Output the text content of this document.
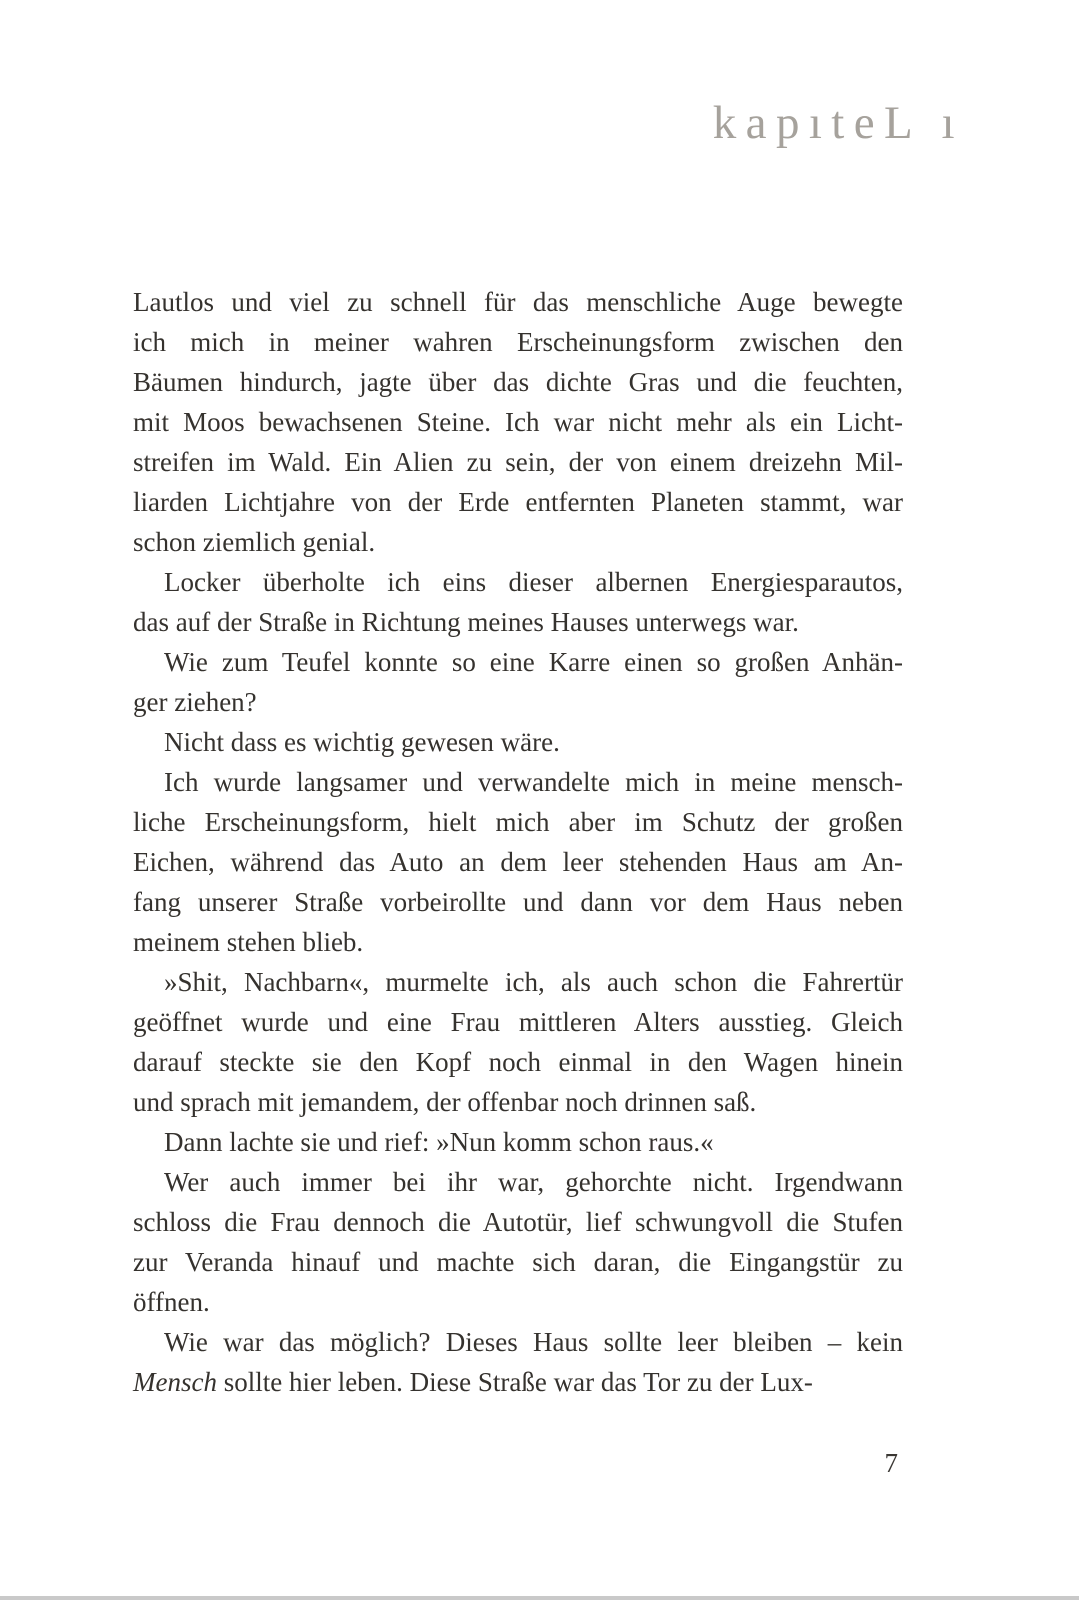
kapıteL ı
Lautlos und viel zu schnell für das menschliche Auge bewegte
ich mich in meiner wahren Erscheinungsform zwischen den
Bäumen hindurch, jagte über das dichte Gras und die feuchten,
mit Moos bewachsenen Steine. Ich war nicht mehr als ein Licht-
streifen im Wald. Ein Alien zu sein, der von einem dreizehn Mil-
liarden Lichtjahre von der Erde entfernten Planeten stammt, war
schon ziemlich genial.
Locker überholte ich eins dieser albernen Energiesparautos,
das auf der Straße in Richtung meines Hauses unterwegs war.
Wie zum Teufel konnte so eine Karre einen so großen Anhän-
ger ziehen?
Nicht dass es wichtig gewesen wäre.
Ich wurde langsamer und verwandelte mich in meine mensch-
liche Erscheinungsform, hielt mich aber im Schutz der großen
Eichen, während das Auto an dem leer stehenden Haus am An-
fang unserer Straße vorbeirollte und dann vor dem Haus neben
meinem stehen blieb.
»Shit, Nachbarn«, murmelte ich, als auch schon die Fahrertür
geöffnet wurde und eine Frau mittleren Alters ausstieg. Gleich
darauf steckte sie den Kopf noch einmal in den Wagen hinein
und sprach mit jemandem, der offenbar noch drinnen saß.
Dann lachte sie und rief: »Nun komm schon raus.«
Wer auch immer bei ihr war, gehorchte nicht. Irgendwann
schloss die Frau dennoch die Autotür, lief schwungvoll die Stufen
zur Veranda hinauf und machte sich daran, die Eingangstür zu
öffnen.
Wie war das möglich? Dieses Haus sollte leer bleiben – kein
Mensch sollte hier leben. Diese Straße war das Tor zu der Lux-
7
